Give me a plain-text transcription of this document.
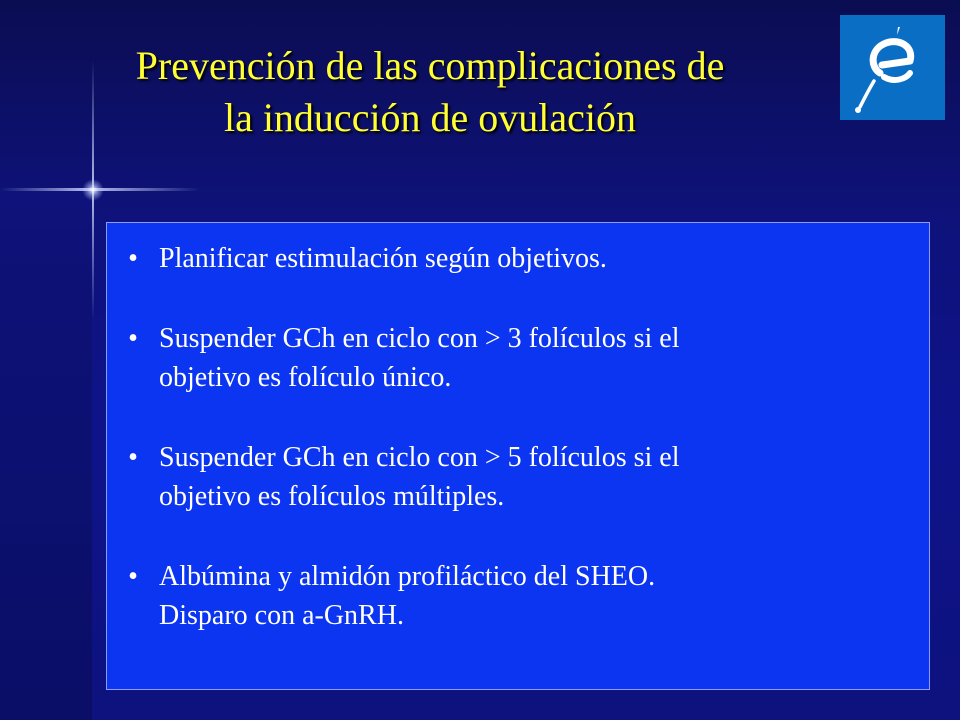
Prevención de las complicaciones de
la inducción de ovulación
• Planificar estimulación según objetivos.
• Suspender GCh en ciclo con > 3 folículos si el
objetivo es folículo único.
• Suspender GCh en ciclo con > 5 folículos si el
objetivo es folículos múltiples.
• Albúmina y almidón profiláctico del SHEO.
Disparo con a-GnRH.
